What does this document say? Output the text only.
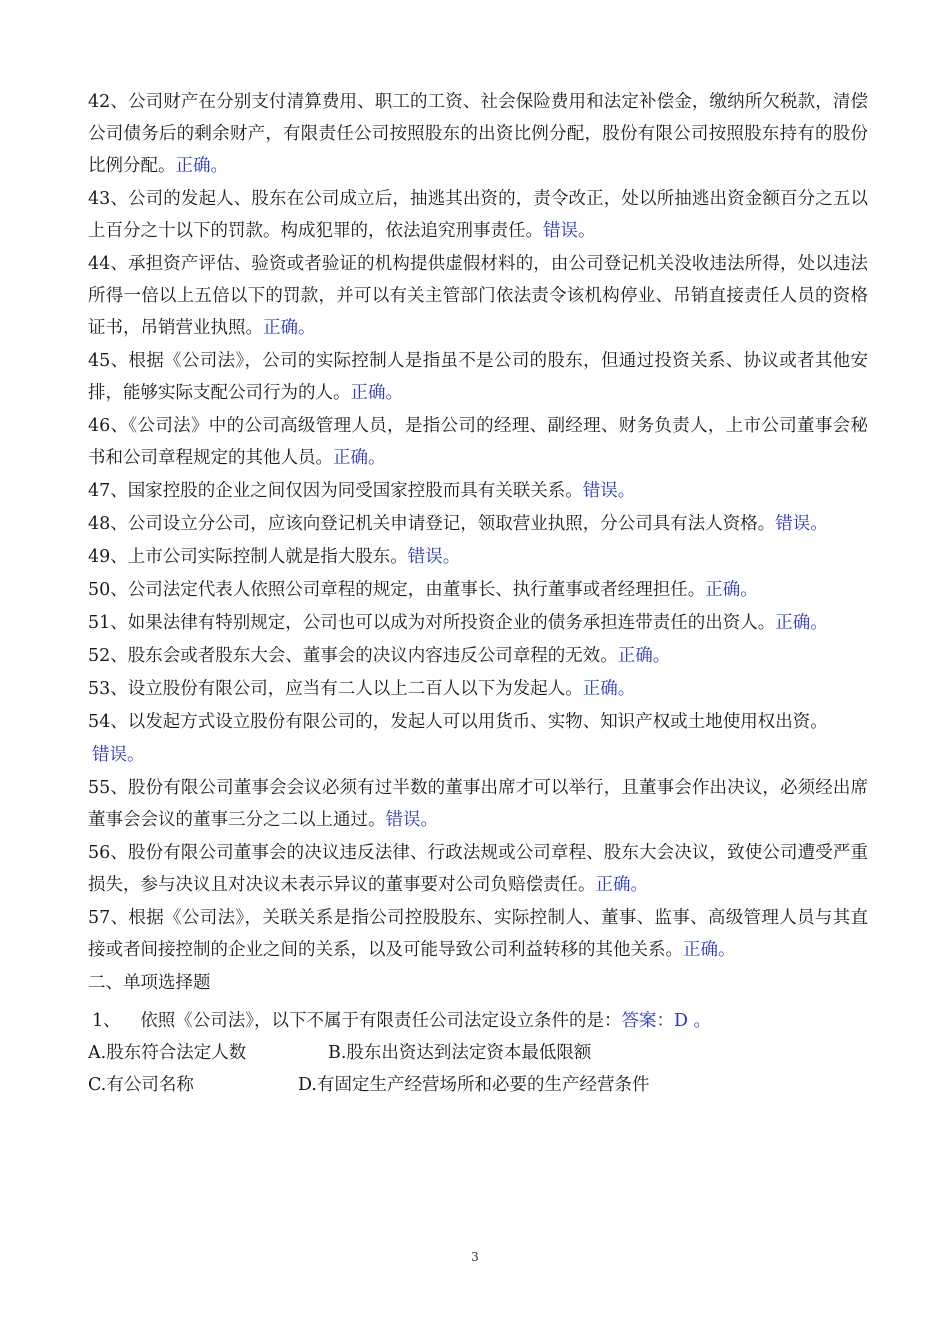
42、公司财产在分别支付清算费用、职工的工资、社会保险费用和法定补偿金，缴纳所欠税款，清偿公司债务后的剩余财产，有限责任公司按照股东的出资比例分配，股份有限公司按照股东持有的股份比例分配。正确。
43、公司的发起人、股东在公司成立后，抽逃其出资的，责令改正，处以所抽逃出资金额百分之五以上百分之十以下的罚款。构成犯罪的，依法追究刑事责任。错误。
44、承担资产评估、验资或者验证的机构提供虚假材料的，由公司登记机关没收违法所得，处以违法所得一倍以上五倍以下的罚款，并可以有关主管部门依法责令该机构停业、吊销直接责任人员的资格证书，吊销营业执照。正确。
45、根据《公司法》，公司的实际控制人是指虽不是公司的股东，但通过投资关系、协议或者其他安排，能够实际支配公司行为的人。正确。
46、《公司法》中的公司高级管理人员，是指公司的经理、副经理、财务负责人，上市公司董事会秘书和公司章程规定的其他人员。正确。
47、国家控股的企业之间仅因为同受国家控股而具有关联关系。错误。
48、公司设立分公司，应该向登记机关申请登记，领取营业执照，分公司具有法人资格。错误。
49、上市公司实际控制人就是指大股东。错误。
50、公司法定代表人依照公司章程的规定，由董事长、执行董事或者经理担任。正确。
51、如果法律有特别规定，公司也可以成为对所投资企业的债务承担连带责任的出资人。正确。
52、股东会或者股东大会、董事会的决议内容违反公司章程的无效。正确。
53、设立股份有限公司，应当有二人以上二百人以下为发起人。正确。
54、以发起方式设立股份有限公司的，发起人可以用货币、实物、知识产权或土地使用权出资。
错误。
55、股份有限公司董事会会议必须有过半数的董事出席才可以举行，且董事会作出决议，必须经出席董事会会议的董事三分之二以上通过。错误。
56、股份有限公司董事会的决议违反法律、行政法规或公司章程、股东大会决议，致使公司遭受严重损失，参与决议且对决议未表示异议的董事要对公司负赔偿责任。正确。
57、根据《公司法》，关联关系是指公司控股股东、实际控制人、董事、监事、高级管理人员与其直接或者间接控制的企业之间的关系，以及可能导致公司利益转移的其他关系。正确。
二、单项选择题
1、 依照《公司法》，以下不属于有限责任公司法定设立条件的是：答案：D 。
A.股东符合法定人数	B.股东出资达到法定资本最低限额
C.有公司名称	D.有固定生产经营场所和必要的生产经营条件
3
